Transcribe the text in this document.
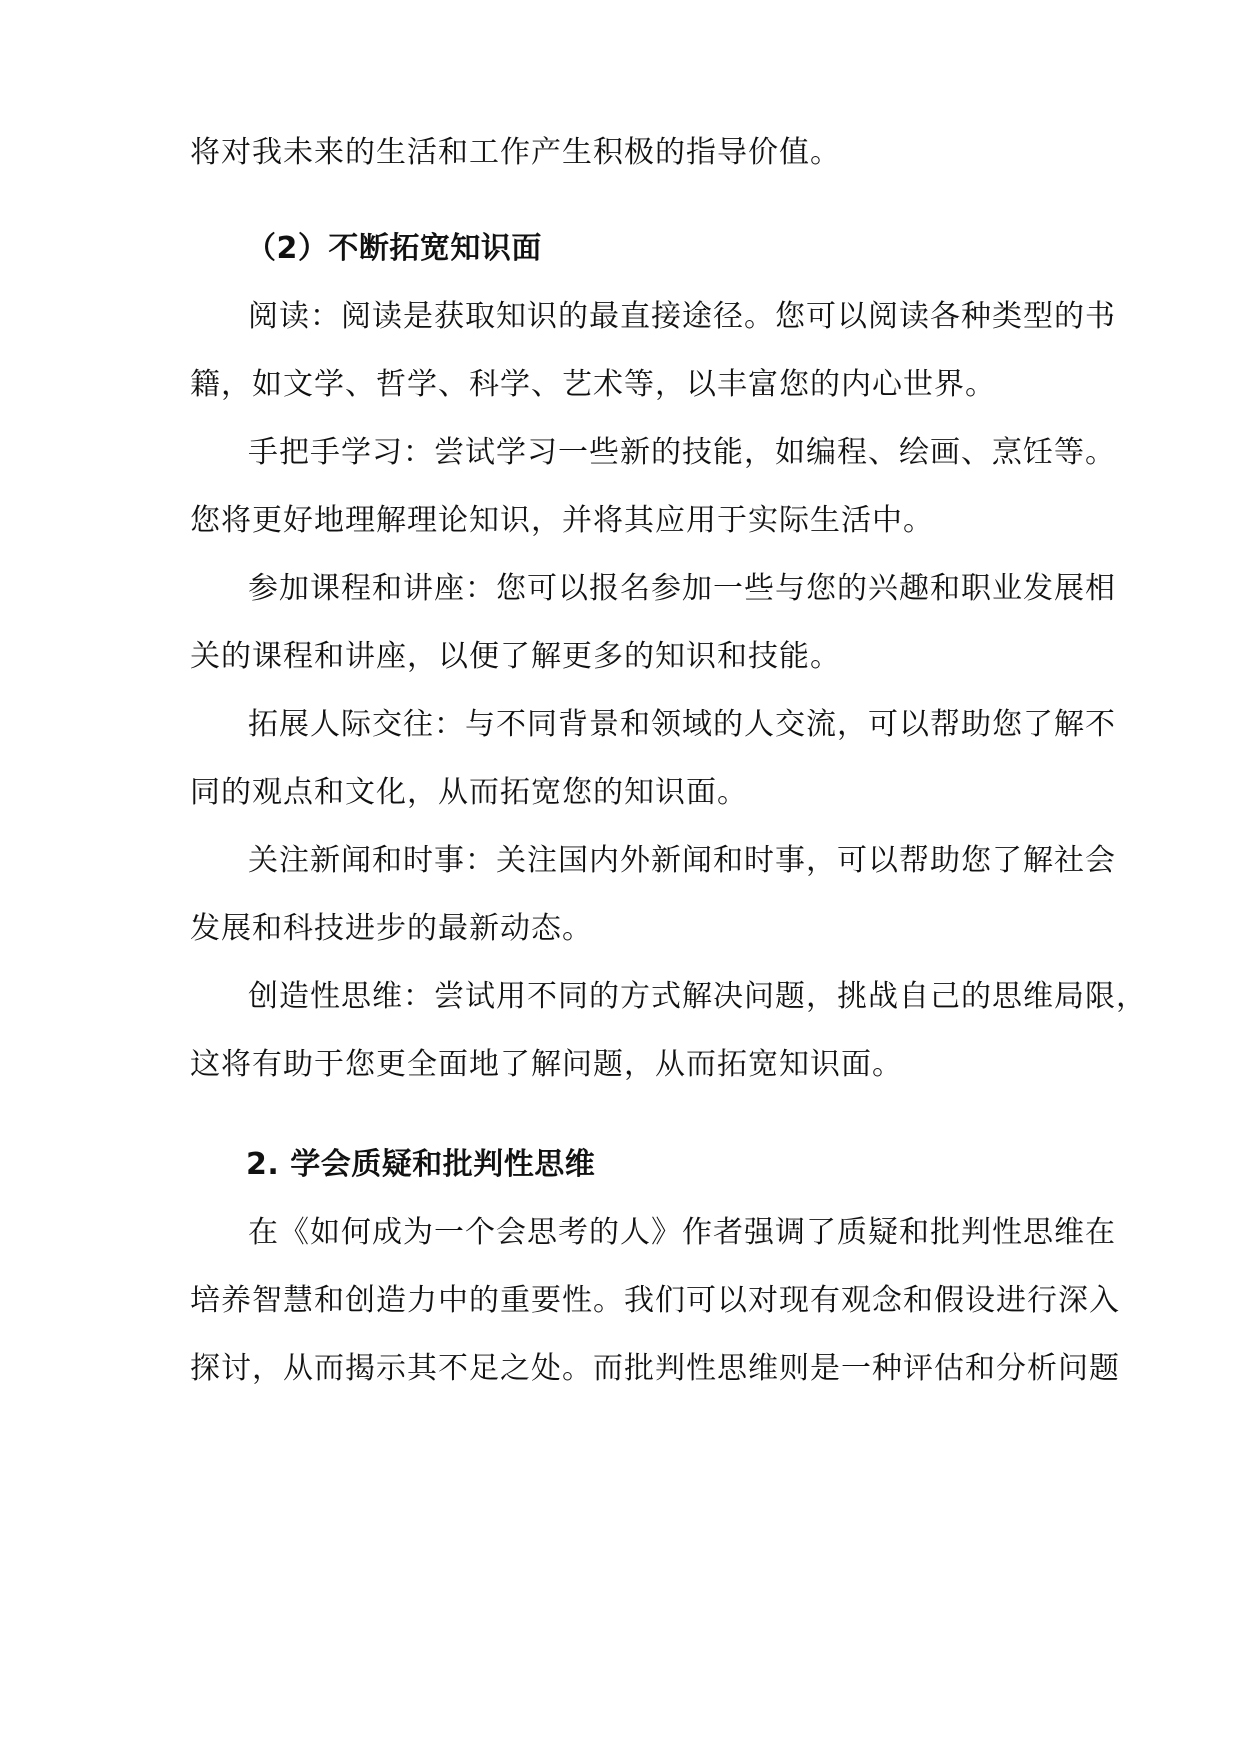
将对我未来的生活和工作产生积极的指导价值。
（2）不断拓宽知识面
阅读：阅读是获取知识的最直接途径。您可以阅读各种类型的书
籍，如文学、哲学、科学、艺术等，以丰富您的内心世界。
手把手学习：尝试学习一些新的技能，如编程、绘画、烹饪等。
您将更好地理解理论知识，并将其应用于实际生活中。
参加课程和讲座：您可以报名参加一些与您的兴趣和职业发展相
关的课程和讲座，以便了解更多的知识和技能。
拓展人际交往：与不同背景和领域的人交流，可以帮助您了解不
同的观点和文化，从而拓宽您的知识面。
关注新闻和时事：关注国内外新闻和时事，可以帮助您了解社会
发展和科技进步的最新动态。
创造性思维：尝试用不同的方式解决问题，挑战自己的思维局限，
这将有助于您更全面地了解问题，从而拓宽知识面。
2. 学会质疑和批判性思维
在《如何成为一个会思考的人》作者强调了质疑和批判性思维在
培养智慧和创造力中的重要性。我们可以对现有观念和假设进行深入
探讨，从而揭示其不足之处。而批判性思维则是一种评估和分析问题
